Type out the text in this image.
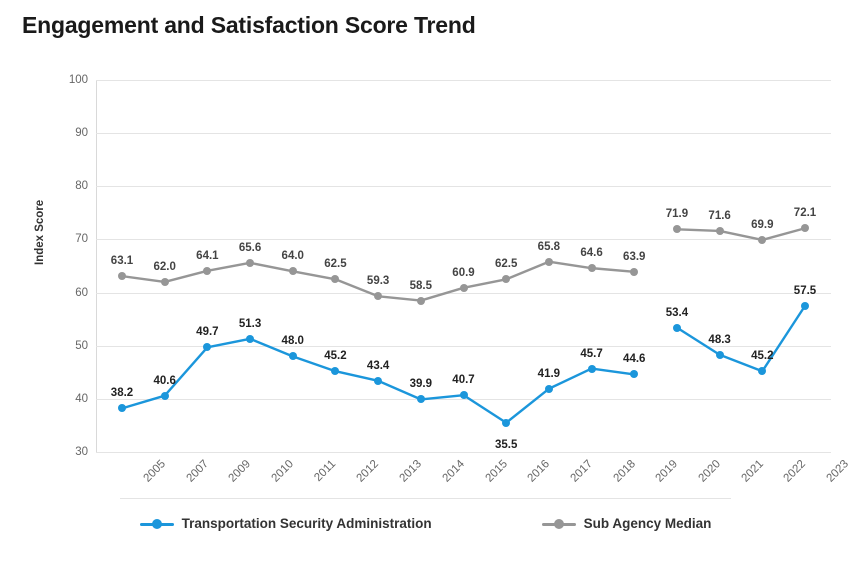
Engagement and Satisfaction Score Trend
Index Score
30
40
50
60
70
80
90
100
38.2
40.6
49.7
51.3
48.0
45.2
43.4
39.9 40.7
35.5
41.9
45.7 44.6
53.4
48.3
45.2
57.5
63.1 62.0
64.1
65.6
64.0
62.5
59.3 58.5
60.9
62.5
65.8
64.6 63.9
71.9 71.6
69.9
72.1
2005 2007 2009 2010 2011 2012 2013 2014 2015 2016 2017 2018 2019 2020 2021 2022 2023
Transportation Security Administration	Sub Agency Median
